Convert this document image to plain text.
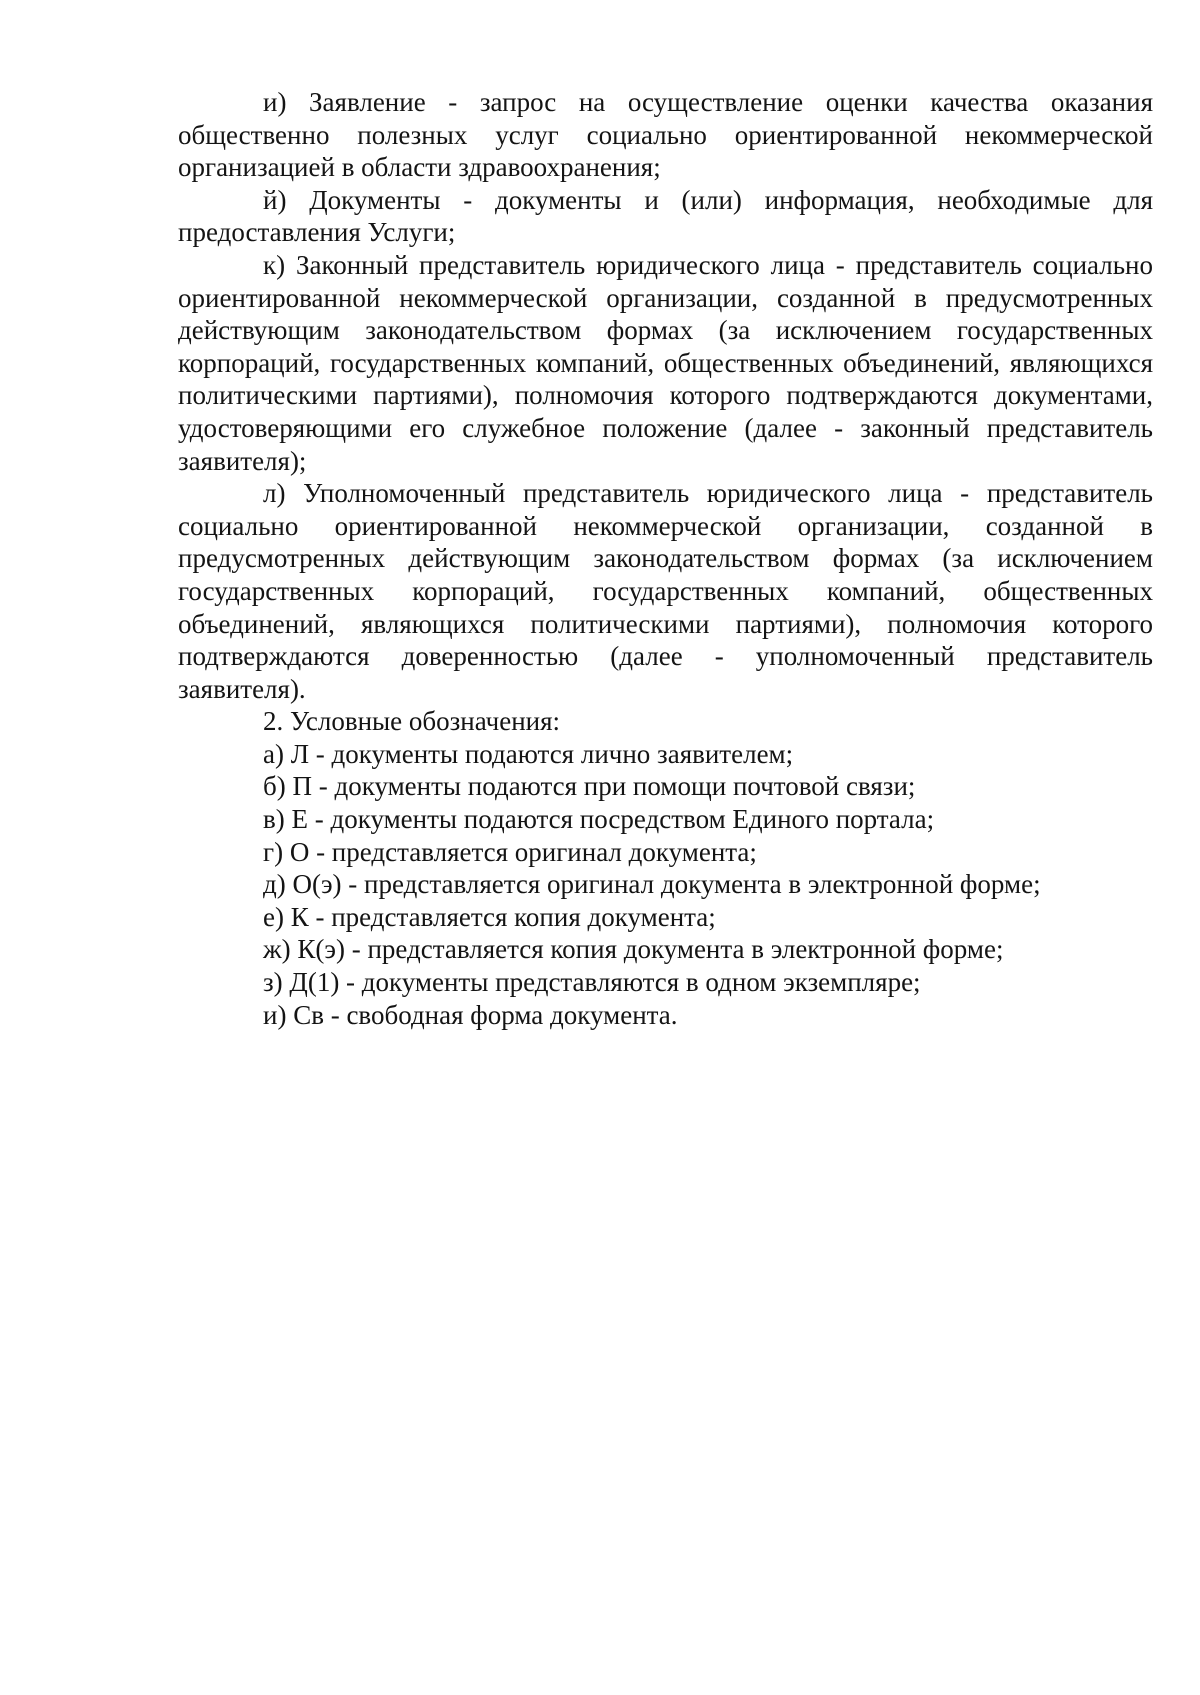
и) Заявление - запрос на осуществление оценки качества оказания общественно полезных услуг социально ориентированной некоммерческой организацией в области здравоохранения;

й) Документы - документы и (или) информация, необходимые для предоставления Услуги;

к) Законный представитель юридического лица - представитель социально ориентированной некоммерческой организации, созданной в предусмотренных действующим законодательством формах (за исключением государственных корпораций, государственных компаний, общественных объединений, являющихся политическими партиями), полномочия которого подтверждаются документами, удостоверяющими его служебное положение (далее - законный представитель заявителя);

л) Уполномоченный представитель юридического лица - представитель социально ориентированной некоммерческой организации, созданной в предусмотренных действующим законодательством формах (за исключением государственных корпораций, государственных компаний, общественных объединений, являющихся политическими партиями), полномочия которого подтверждаются доверенностью (далее - уполномоченный представитель заявителя).

2. Условные обозначения:

а) Л - документы подаются лично заявителем;
б) П - документы подаются при помощи почтовой связи;
в) Е - документы подаются посредством Единого портала;
г) О - представляется оригинал документа;
д) О(э) - представляется оригинал документа в электронной форме;
е) К - представляется копия документа;
ж) К(э) - представляется копия документа в электронной форме;
з) Д(1) - документы представляются в одном экземпляре;
и) Св - свободная форма документа.
